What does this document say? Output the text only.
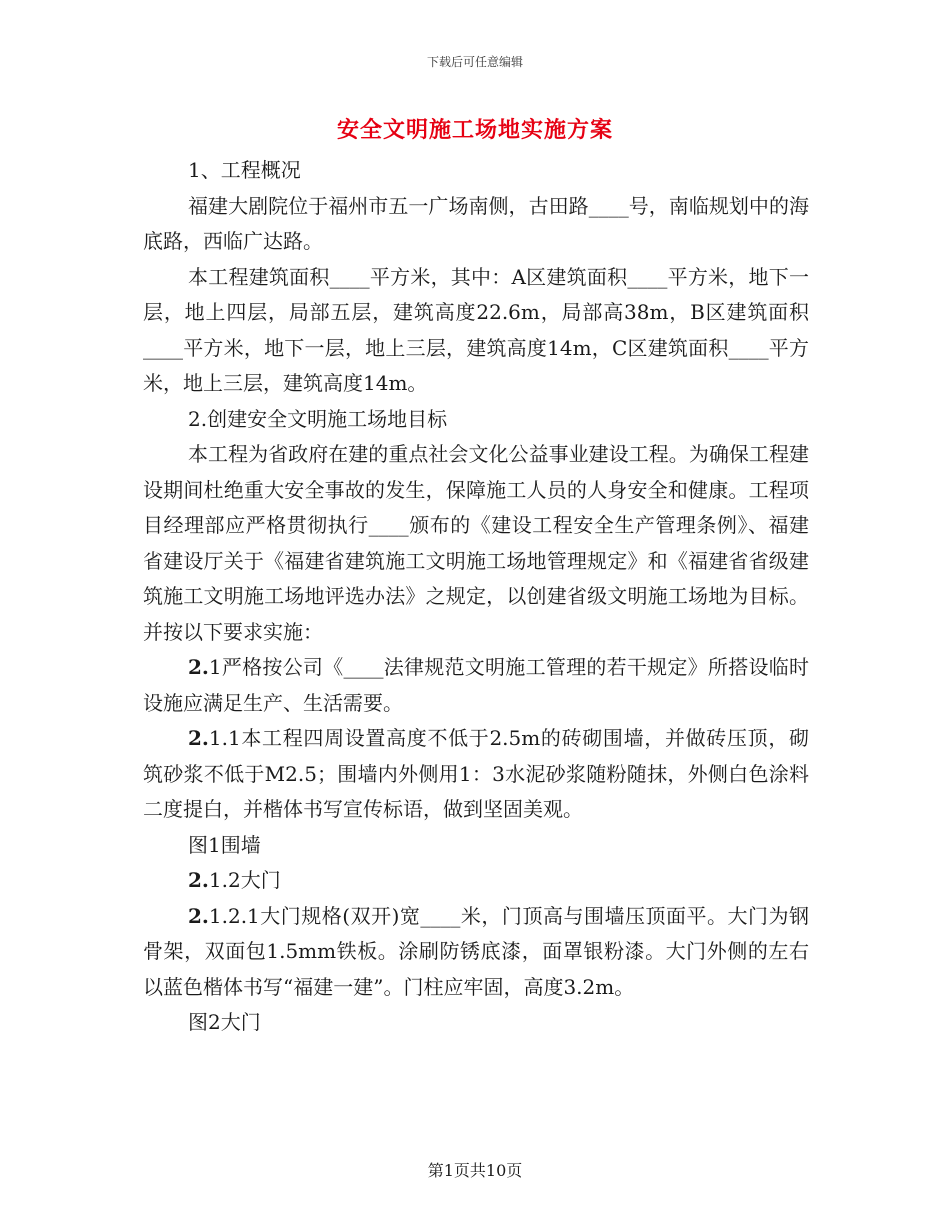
下载后可任意编辑
安全文明施工场地实施方案

1、工程概况

福建大剧院位于福州市五一广场南侧，古田路____号，南临规划中的海底路，西临广达路。

本工程建筑面积____平方米，其中：A区建筑面积____平方米，地下一层，地上四层，局部五层，建筑高度22.6m，局部高38m，B区建筑面积____平方米，地下一层，地上三层，建筑高度14m，C区建筑面积____平方米，地上三层，建筑高度14m。

2.创建安全文明施工场地目标

本工程为省政府在建的重点社会文化公益事业建设工程。为确保工程建设期间杜绝重大安全事故的发生，保障施工人员的人身安全和健康。工程项目经理部应严格贯彻执行____颁布的《建设工程安全生产管理条例》、福建省建设厅关于《福建省建筑施工文明施工场地管理规定》和《福建省省级建筑施工文明施工场地评选办法》之规定，以创建省级文明施工场地为目标。并按以下要求实施：

2.1严格按公司《____法律规范文明施工管理的若干规定》所搭设临时设施应满足生产、生活需要。

2.1.1本工程四周设置高度不低于2.5m的砖砌围墙，并做砖压顶，砌筑砂浆不低于M2.5；围墙内外侧用1：3水泥砂浆随粉随抹，外侧白色涂料二度提白，并楷体书写宣传标语，做到坚固美观。

图1围墙

2.1.2大门

2.1.2.1大门规格(双开)宽____米，门顶高与围墙压顶面平。大门为钢骨架，双面包1.5mm铁板。涂刷防锈底漆，面罩银粉漆。大门外侧的左右以蓝色楷体书写“福建一建”。门柱应牢固，高度3.2m。

图2大门

第1页共10页
